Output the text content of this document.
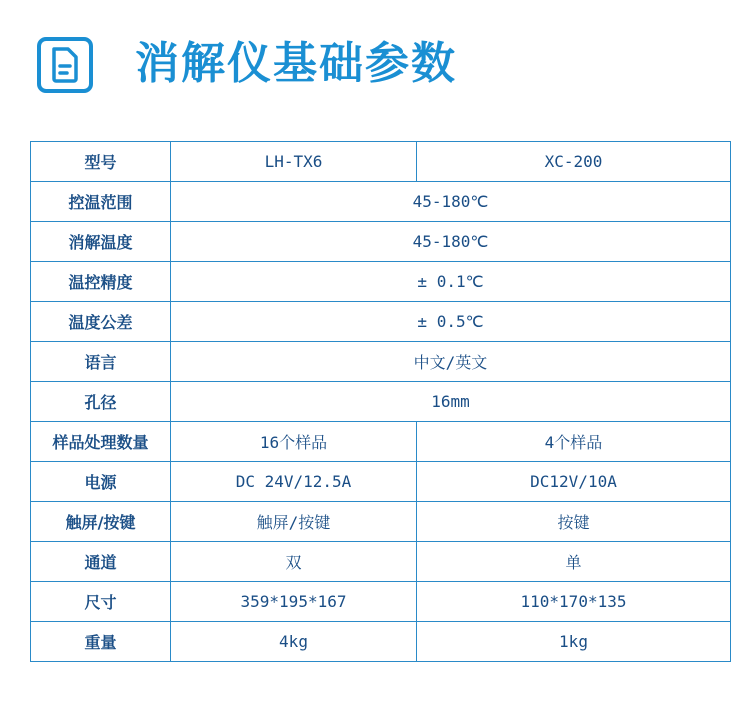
消解仪基础参数
型号	LH-TX6	XC-200
控温范围	45-180℃	
消解温度	45-180℃	
温控精度	± 0.1℃	
温度公差	± 0.5℃	
语言	中文/英文	
孔径	16mm	
样品处理数量	16个样品	4个样品
电源	DC 24V/12.5A	DC12V/10A
触屏/按键	触屏/按键	按键
通道	双	单
尺寸	359*195*167	110*170*135
重量	4kg	1kg
